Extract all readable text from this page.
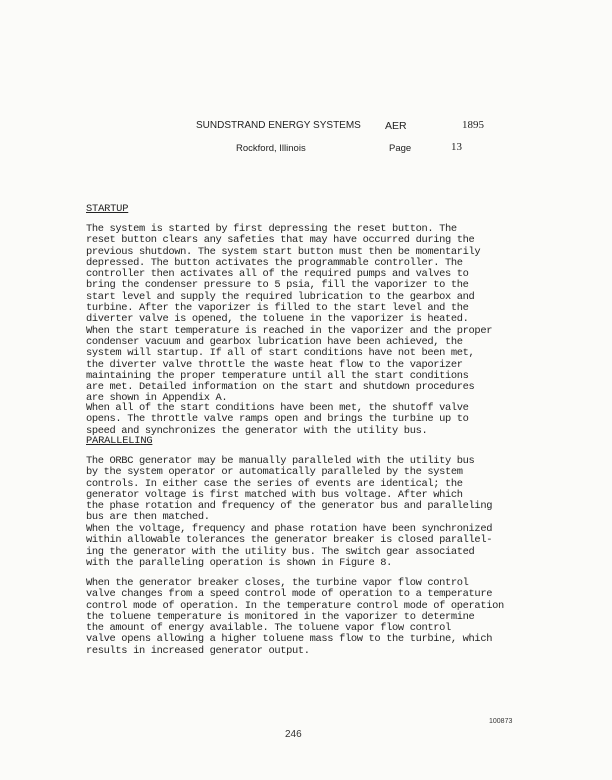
SUNDSTRAND ENERGY SYSTEMS
Rockford, Illinois
AER	1895
Page	13
STARTUP

The system is started by first depressing the reset button. The
reset button clears any safeties that may have occurred during the
previous shutdown. The system start button must then be momentarily
depressed. The button activates the programmable controller. The
controller then activates all of the required pumps and valves to
bring the condenser pressure to 5 psia, fill the vaporizer to the
start level and supply the required lubrication to the gearbox and
turbine. After the vaporizer is filled to the start level and the
diverter valve is opened, the toluene in the vaporizer is heated.
When the start temperature is reached in the vaporizer and the proper
condenser vacuum and gearbox lubrication have been achieved, the
system will startup. If all of start conditions have not been met,
the diverter valve throttle the waste heat flow to the vaporizer
maintaining the proper temperature until all the start conditions
are met. Detailed information on the start and shutdown procedures
are shown in Appendix A.

When all of the start conditions have been met, the shutoff valve
opens. The throttle valve ramps open and brings the turbine up to
speed and synchronizes the generator with the utility bus.

PARALLELING

The ORBC generator may be manually paralleled with the utility bus
by the system operator or automatically paralleled by the system
controls. In either case the series of events are identical; the
generator voltage is first matched with bus voltage. After which
the phase rotation and frequency of the generator bus and paralleling
bus are then matched.

When the voltage, frequency and phase rotation have been synchronized
within allowable tolerances the generator breaker is closed parallel-
ing the generator with the utility bus. The switch gear associated
with the paralleling operation is shown in Figure 8.

When the generator breaker closes, the turbine vapor flow control
valve changes from a speed control mode of operation to a temperature
control mode of operation. In the temperature control mode of operation
the toluene temperature is monitored in the vaporizer to determine
the amount of energy available. The toluene vapor flow control
valve opens allowing a higher toluene mass flow to the turbine, which
results in increased generator output.

100873
246
